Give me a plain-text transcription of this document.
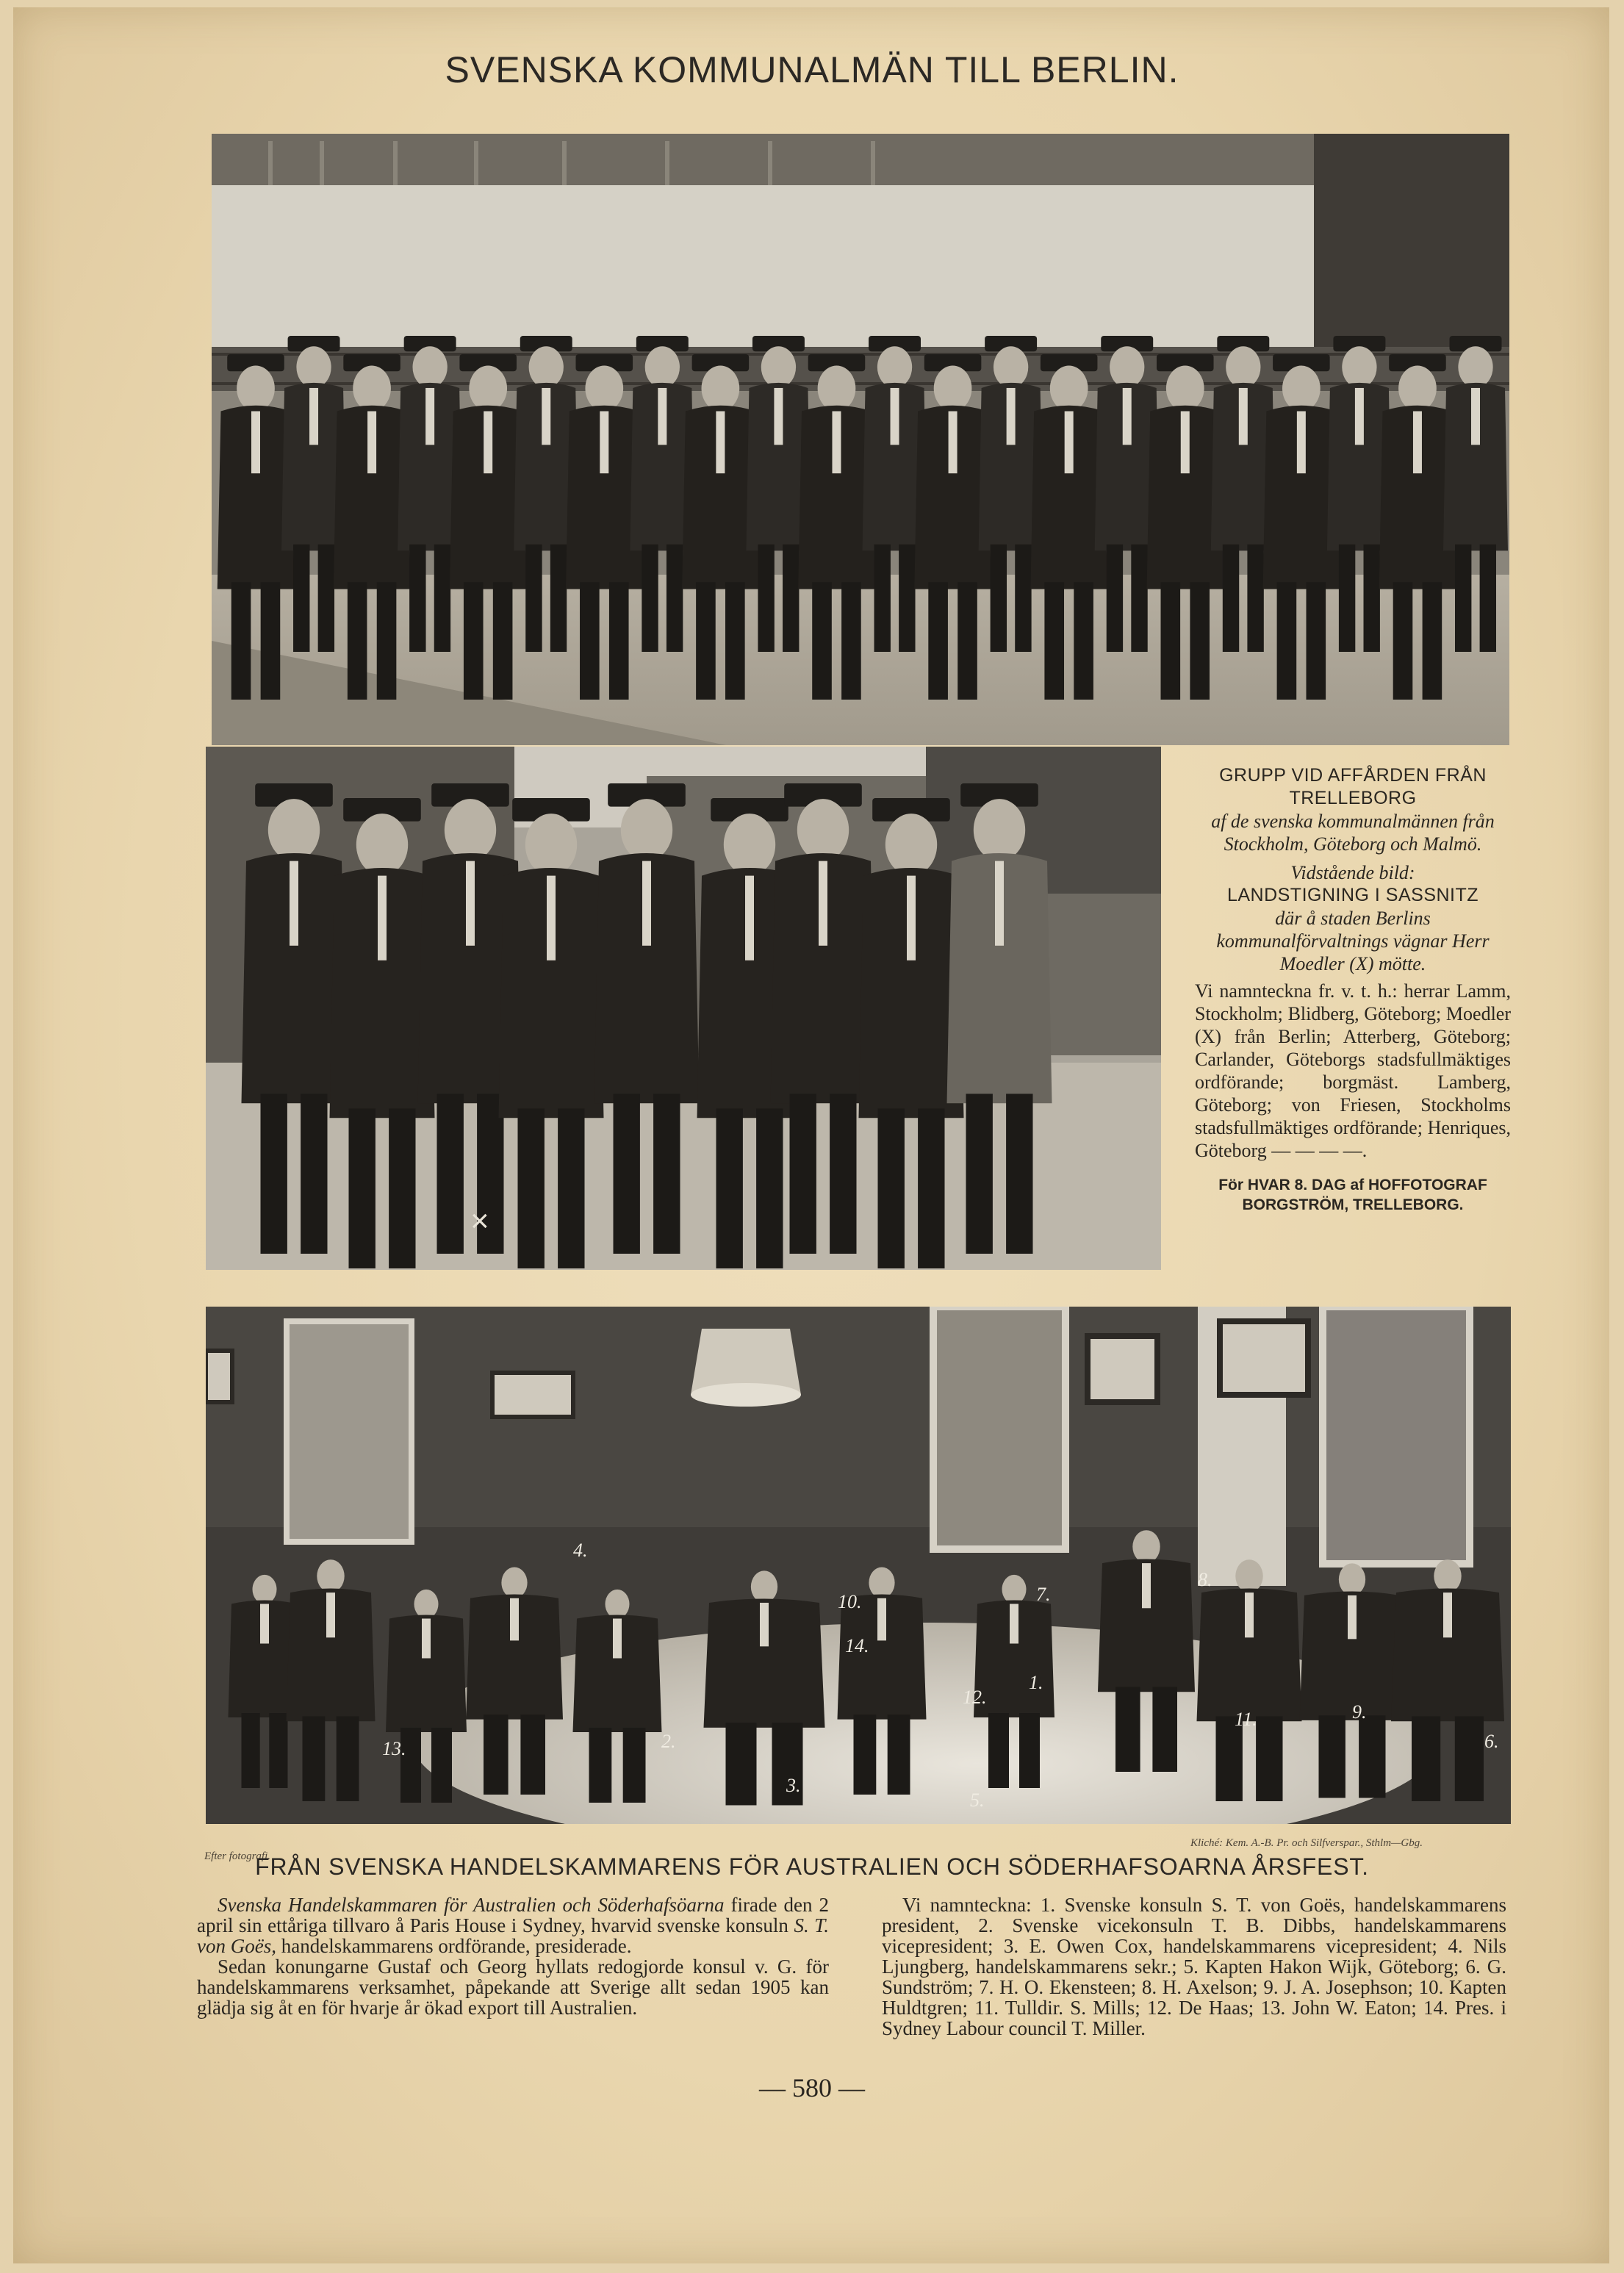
SVENSKA KOMMUNALMÄN TILL BERLIN.
×
GRUPP VID AFFÅRDEN FRÅN TRELLEBORG
af de svenska kommunalmännen från Stockholm, Göteborg och Malmö.
Vidstående bild:
LANDSTIGNING I SASSNITZ
där å staden Berlins kommunalförvaltnings vägnar Herr Moedler (X) mötte.
Vi namnteckna fr. v. t. h.: herrar Lamm, Stockholm; Blidberg, Göteborg; Moedler (X) från Berlin; Atterberg, Göteborg; Carlander, Göteborgs stadsfullmäktiges ordförande; borgmäst. Lamberg, Göteborg; von Friesen, Stockholms stadsfullmäktiges ordförande; Henriques, Göteborg — — — —.
För HVAR 8. DAG af HOFFOTOGRAF
BORGSTRÖM, TRELLEBORG.
1.
2.
3.
4.
5.
6.
7.
8.
9.
10.
11.
12.
13.
14.
Efter fotografi.
Kliché: Kem. A.-B. Pr. och Silfverspar., Sthlm—Gbg.
FRÅN SVENSKA HANDELSKAMMARENS FÖR AUSTRALIEN OCH SÖDERHAFSOARNA ÅRSFEST.

Svenska Handelskammaren för Australien och Söderhafsöarna firade den 2 april sin ettåriga tillvaro å Paris House i Sydney, hvarvid svenske konsuln S. T. von Goës, handelskammarens ordförande, presiderade.

Sedan konungarne Gustaf och Georg hyllats redogjorde konsul v. G. för handelskammarens verksamhet, påpekande att Sverige allt sedan 1905 kan glädja sig åt en för hvarje år ökad export till Australien.

Vi namnteckna: 1. Svenske konsuln S. T. von Goës, handelskammarens president, 2. Svenske vicekonsuln T. B. Dibbs, handelskammarens vicepresident; 3. E. Owen Cox, handelskammarens vicepresident; 4. Nils Ljungberg, handelskammarens sekr.; 5. Kapten Hakon Wijk, Göteborg; 6. G. Sundström; 7. H. O. Ekensteen; 8. H. Axelson; 9. J. A. Josephson; 10. Kapten Huldtgren; 11. Tulldir. S. Mills; 12. De Haas; 13. John W. Eaton; 14. Pres. i Sydney Labour council T. Miller.

— 580 —
